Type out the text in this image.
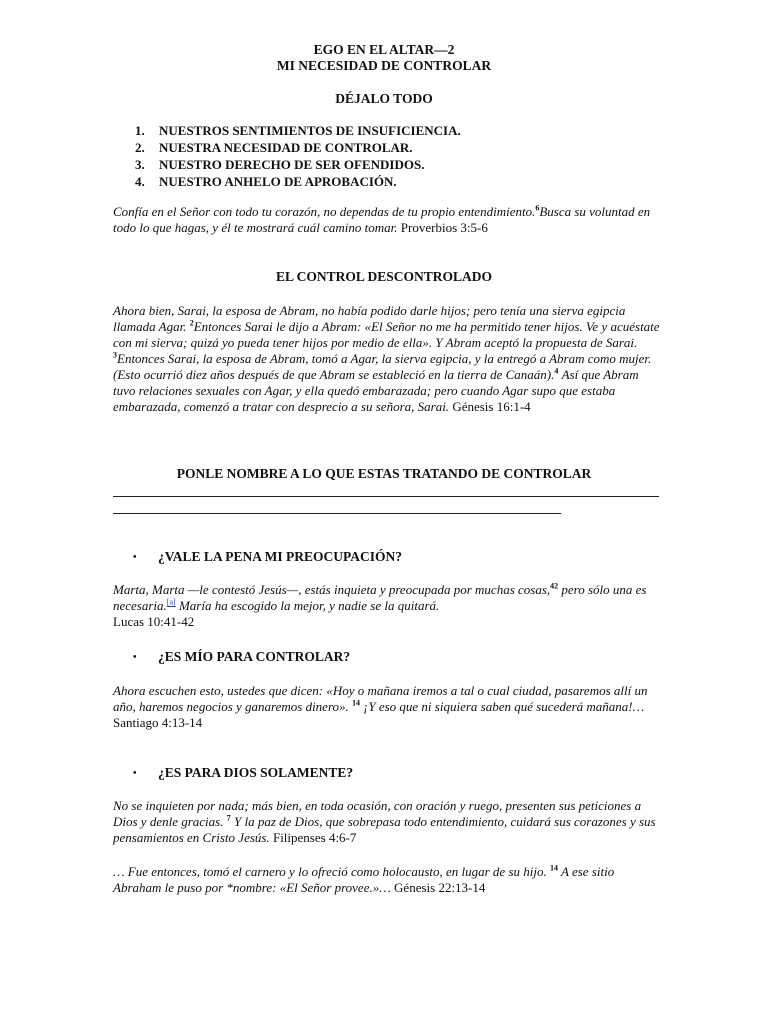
EGO EN EL ALTAR—2
MI NECESIDAD DE CONTROLAR
DÉJALO TODO
1. NUESTROS SENTIMIENTOS DE INSUFICIENCIA.
2. NUESTRA NECESIDAD DE CONTROLAR.
3. NUESTRO DERECHO DE SER OFENDIDOS.
4. NUESTRO ANHELO DE APROBACIÓN.
Confía en el Señor con todo tu corazón, no dependas de tu propio entendimiento.$^6$Busca su voluntad en todo lo que hagas, y él te mostrará cuál camino tomar. Proverbios 3:5-6
EL CONTROL DESCONTROLADO
Ahora bien, Sarai, la esposa de Abram, no había podido darle hijos; pero tenía una sierva egipcia llamada Agar. $^2$Entonces Sarai le dijo a Abram: «El Señor no me ha permitido tener hijos. Ve y acuéstate con mi sierva; quizá yo pueda tener hijos por medio de ella». Y Abram aceptó la propuesta de Sarai. $^3$Entonces Sarai, la esposa de Abram, tomó a Agar, la sierva egipcia, y la entregó a Abram como mujer. (Esto ocurrió diez años después de que Abram se estableció en la tierra de Canaán).$^4$ Así que Abram tuvo relaciones sexuales con Agar, y ella quedó embarazada; pero cuando Agar supo que estaba embarazada, comenzó a tratar con desprecio a su señora, Sarai. Génesis 16:1-4
PONLE NOMBRE A LO QUE ESTAS TRATANDO DE CONTROLAR
• ¿VALE LA PENA MI PREOCUPACIÓN?
Marta, Marta —le contestó Jesús—, estás inquieta y preocupada por muchas cosas,$^{42}$ pero sólo una es necesaria.[a] María ha escogido la mejor, y nadie se la quitará.
Lucas 10:41-42
• ¿ES MÍO PARA CONTROLAR?
Ahora escuchen esto, ustedes que dicen: «Hoy o mañana iremos a tal o cual ciudad, pasaremos allí un año, haremos negocios y ganaremos dinero». $^{14}$ ¡Y eso que ni siquiera saben qué sucederá mañana!… Santiago 4:13-14
• ¿ES PARA DIOS SOLAMENTE?
No se inquieten por nada; más bien, en toda ocasión, con oración y ruego, presenten sus peticiones a Dios y denle gracias. $^7$ Y la paz de Dios, que sobrepasa todo entendimiento, cuidará sus corazones y sus pensamientos en Cristo Jesús. Filipenses 4:6-7
… Fue entonces, tomó el carnero y lo ofreció como holocausto, en lugar de su hijo. $^{14}$ A ese sitio Abraham le puso por *nombre: «El Señor provee.»… Génesis 22:13-14
